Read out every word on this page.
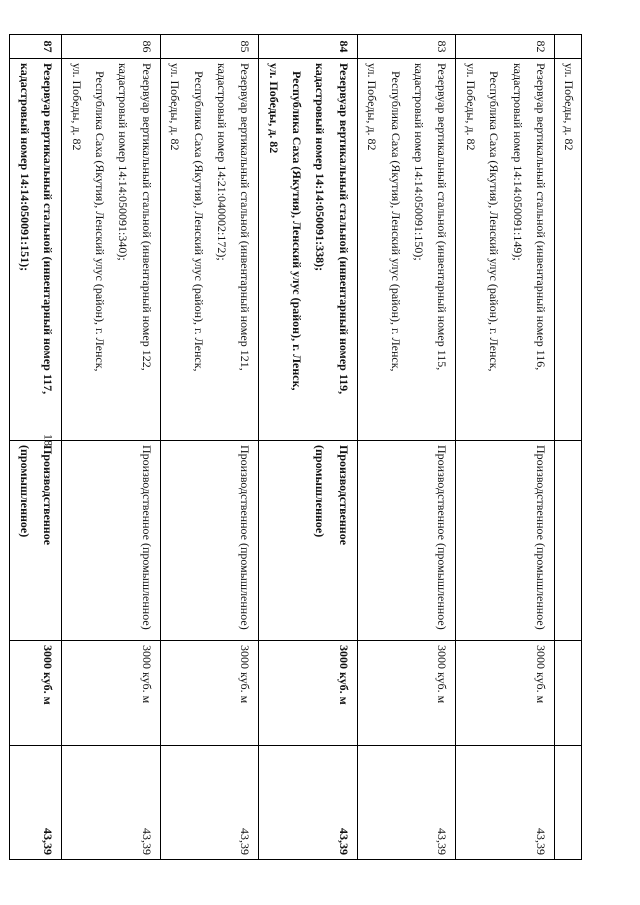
18

	ул. Победы, д. 82			

82	Резервуар вертикальный стальной (инвентарный номер 116,
кадастровый номер 14:14:050091:149);
Республика Саха (Якутия), Ленский улус (район), г. Ленск,
ул. Победы, д. 82	Производственное (промышленное)	3000 куб. м	43,39
83	Резервуар вертикальный стальной (инвентарный номер 115,
кадастровый номер 14:14:050091:150);
Республика Саха (Якутия), Ленский улус (район), г. Ленск,
ул. Победы, д. 82	Производственное (промышленное)	3000 куб. м	43,39
84	Резервуар вертикальный стальной (инвентарный номер 119,
кадастровый номер 14:14:050091:338);
Республика Саха (Якутия), Ленский улус (район), г. Ленск,
ул. Победы, д. 82	Производственное (промышленное)	3000 куб. м	43,39
85	Резервуар вертикальный стальной (инвентарный номер 121,
кадастровый номер 14:21:040002:172);
Республика Саха (Якутия), Ленский улус (район), г. Ленск,
ул. Победы, д. 82	Производственное (промышленное)	3000 куб. м	43,39
86	Резервуар вертикальный стальной (инвентарный номер 122,
кадастровый номер 14:14:050091:340);
Республика Саха (Якутия), Ленский улус (район), г. Ленск,
ул. Победы, д. 82	Производственное (промышленное)	3000 куб. м	43,39
87	Резервуар вертикальный стальной (инвентарный номер 117,
кадастровый номер 14:14:050091:151);	Производственное (промышленное)	3000 куб. м	43,39
